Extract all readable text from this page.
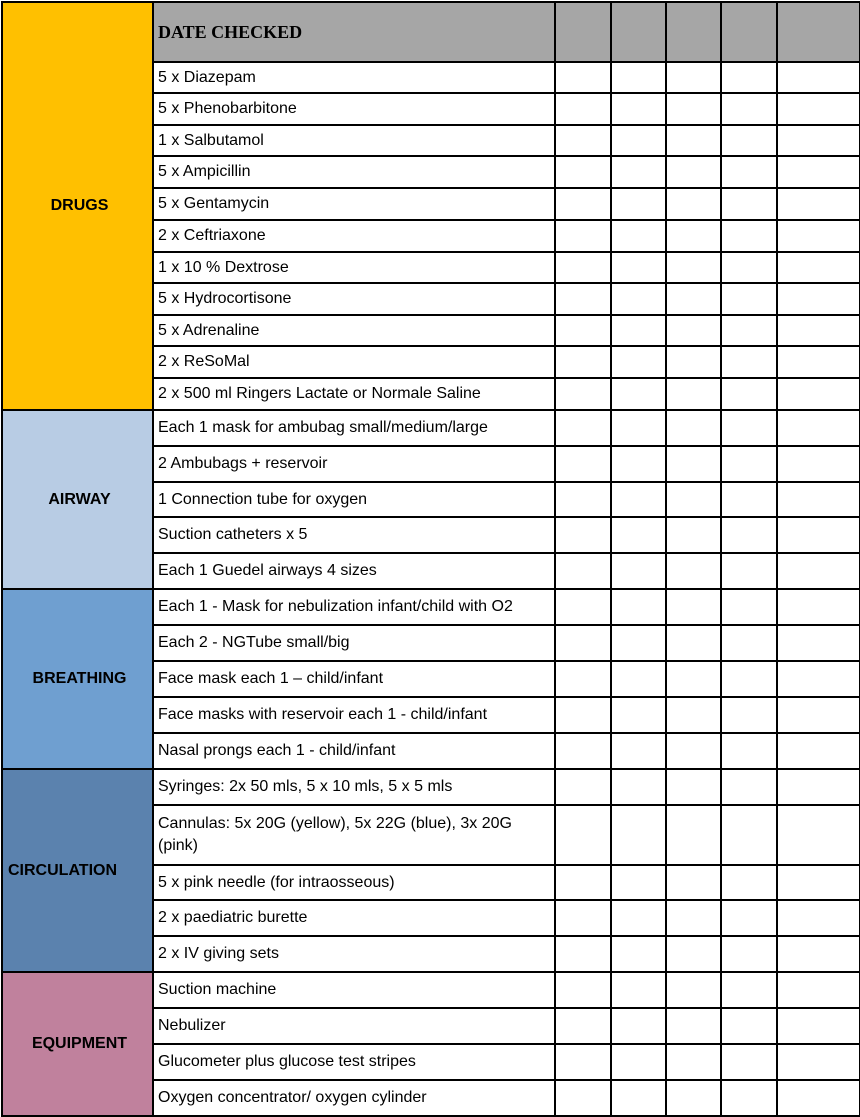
DRUGS	DATE CHECKED					
	5 x Diazepam					
	5 x Phenobarbitone					
	1 x Salbutamol					
	5 x Ampicillin					
	5 x Gentamycin					
	2 x Ceftriaxone					
	1 x 10 % Dextrose					
	5 x Hydrocortisone					
	5 x Adrenaline					
	2 x ReSoMal					
	2 x 500 ml Ringers Lactate or Normale Saline					
AIRWAY	Each 1 mask for ambubag small/medium/large					
	2 Ambubags + reservoir					
	1 Connection tube for oxygen					
	Suction catheters x 5					
	Each 1 Guedel airways 4 sizes					
BREATHING	Each 1 - Mask for nebulization infant/child with O2					
	Each 2 - NGTube small/big					
	Face mask each 1 – child/infant					
	Face masks with reservoir each 1 - child/infant					
	Nasal prongs each 1 - child/infant					
CIRCULATION	Syringes: 2x 50 mls, 5 x 10 mls, 5 x 5 mls					
	Cannulas: 5x 20G (yellow), 5x 22G (blue), 3x 20G (pink)					
	5 x pink needle (for intraosseous)					
	2 x paediatric burette					
	2 x IV giving sets					
EQUIPMENT	Suction machine					
	Nebulizer					
	Glucometer plus glucose test stripes					
	Oxygen concentrator/ oxygen cylinder					
